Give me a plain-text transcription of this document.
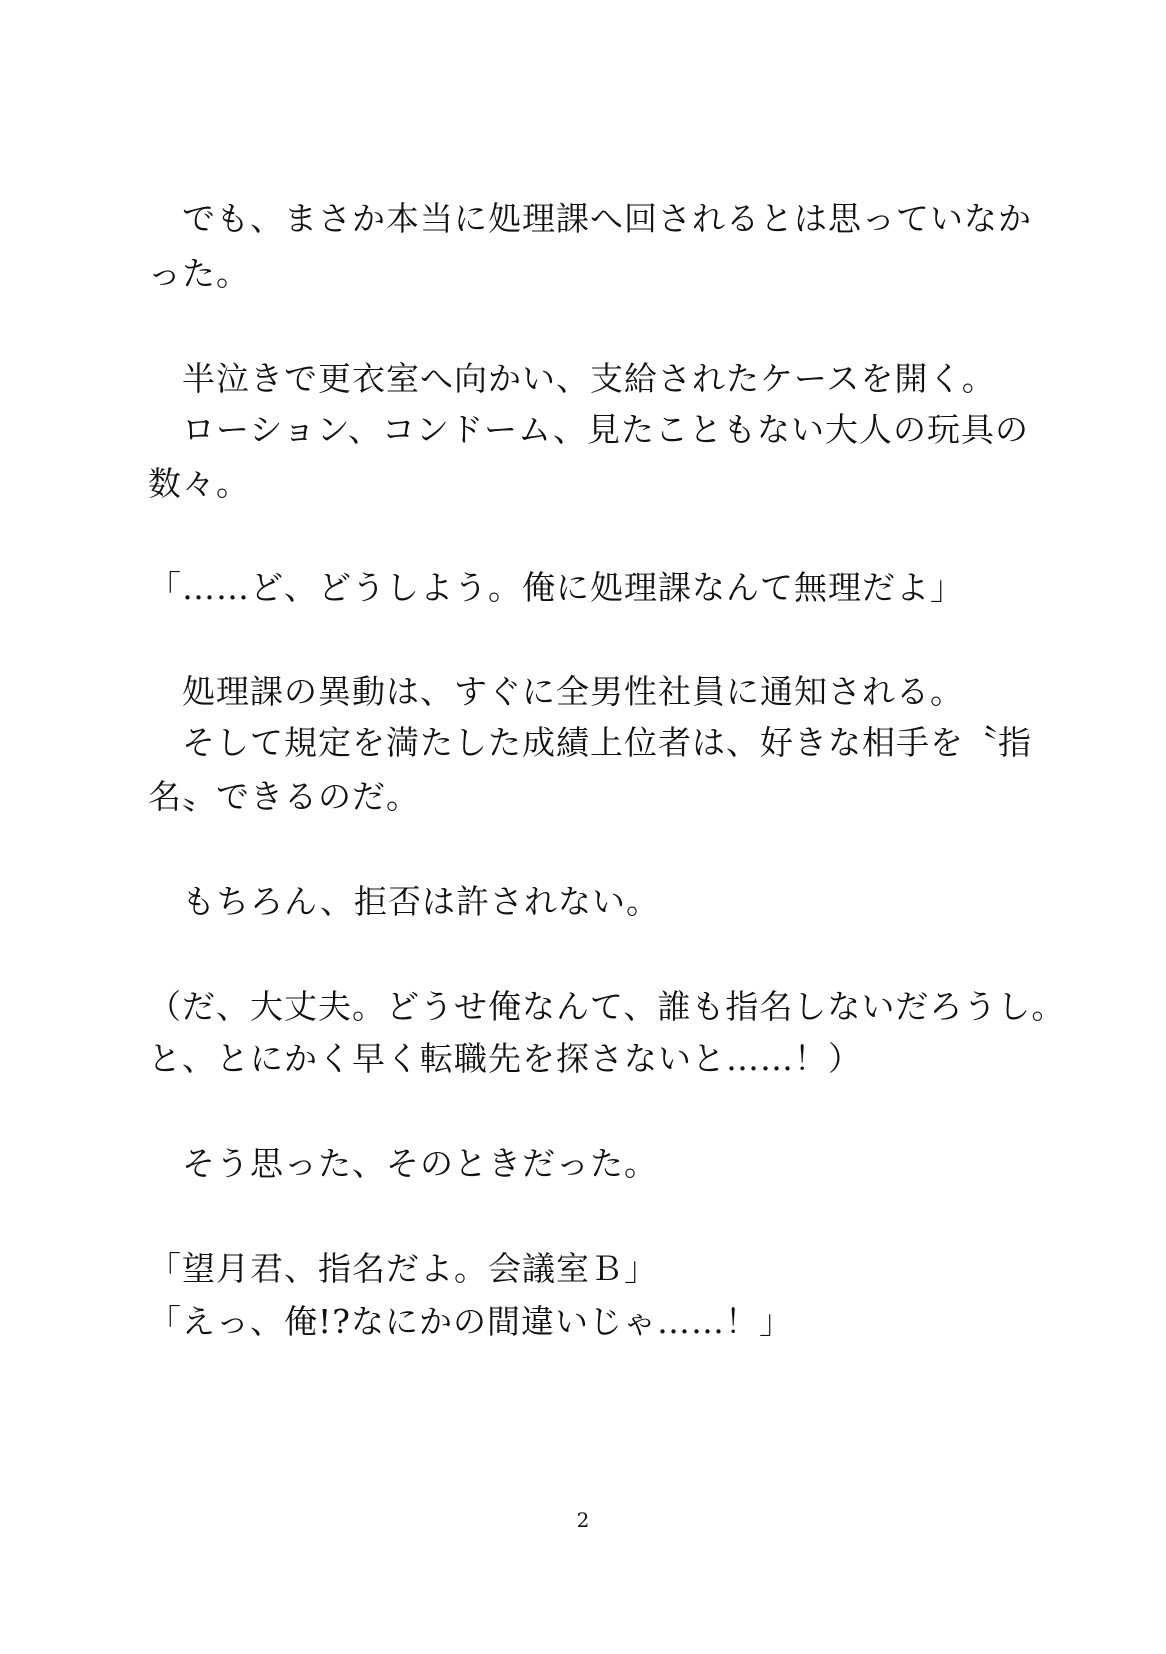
　でも、まさか本当に処理課へ回されるとは思っていなか
った。
　半泣きで更衣室へ向かい、支給されたケースを開く。
　ローション、コンドーム、見たこともない大人の玩具の
数々。
「……ど、どうしよう。俺に処理課なんて無理だよ」
　処理課の異動は、すぐに全男性社員に通知される。
　そして規定を満たした成績上位者は、好きな相手を〝指
名〟できるのだ。
　もちろん、拒否は許されない。
（だ、大丈夫。どうせ俺なんて、誰も指名しないだろうし。
と、とにかく早く転職先を探さないと……！）
　そう思った、そのときだった。
「望月君、指名だよ。会議室Ｂ」
「えっ、俺!?なにかの間違いじゃ……！」
2
